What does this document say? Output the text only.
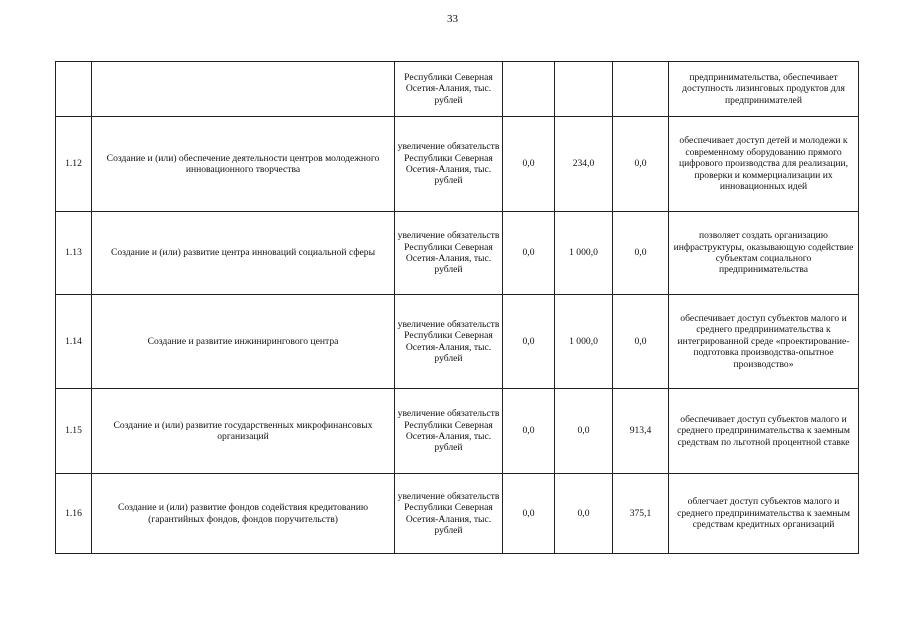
33
		Республики Северная Осетия-Алания, тыс. рублей				предпринимательства, обеспечивает доступность лизинговых продуктов для предпринимателей
1.12	Создание и (или) обеспечение деятельности центров молодежного инновационного творчества	увеличение обязательств Республики Северная Осетия-Алания, тыс. рублей	0,0	234,0	0,0	обеспечивает доступ детей и молодежи к современному оборудованию прямого цифрового производства для реализации, проверки и коммерциализации их инновационных идей
1.13	Создание и (или) развитие центра инноваций социальной сферы	увеличение обязательств Республики Северная Осетия-Алания, тыс. рублей	0,0	1 000,0	0,0	позволяет создать организацию инфраструктуры, оказывающую содействие субъектам социального предпринимательства
1.14	Создание и развитие инжинирингового центра	увеличение обязательств Республики Северная Осетия-Алания, тыс. рублей	0,0	1 000,0	0,0	обеспечивает доступ субъектов малого и среднего предпринимательства к интегрированной среде «проектирование-подготовка производства-опытное производство»
1.15	Создание и (или) развитие государственных микрофинансовых организаций	увеличение обязательств Республики Северная Осетия-Алания, тыс. рублей	0,0	0,0	913,4	обеспечивает доступ субъектов малого и среднего предпринимательства к заемным средствам по льготной процентной ставке
1.16	Создание и (или) развитие фондов содействия кредитованию (гарантийных фондов, фондов поручительств)	увеличение обязательств Республики Северная Осетия-Алания, тыс. рублей	0,0	0,0	375,1	облегчает доступ субъектов малого и среднего предпринимательства к заемным средствам кредитных организаций
